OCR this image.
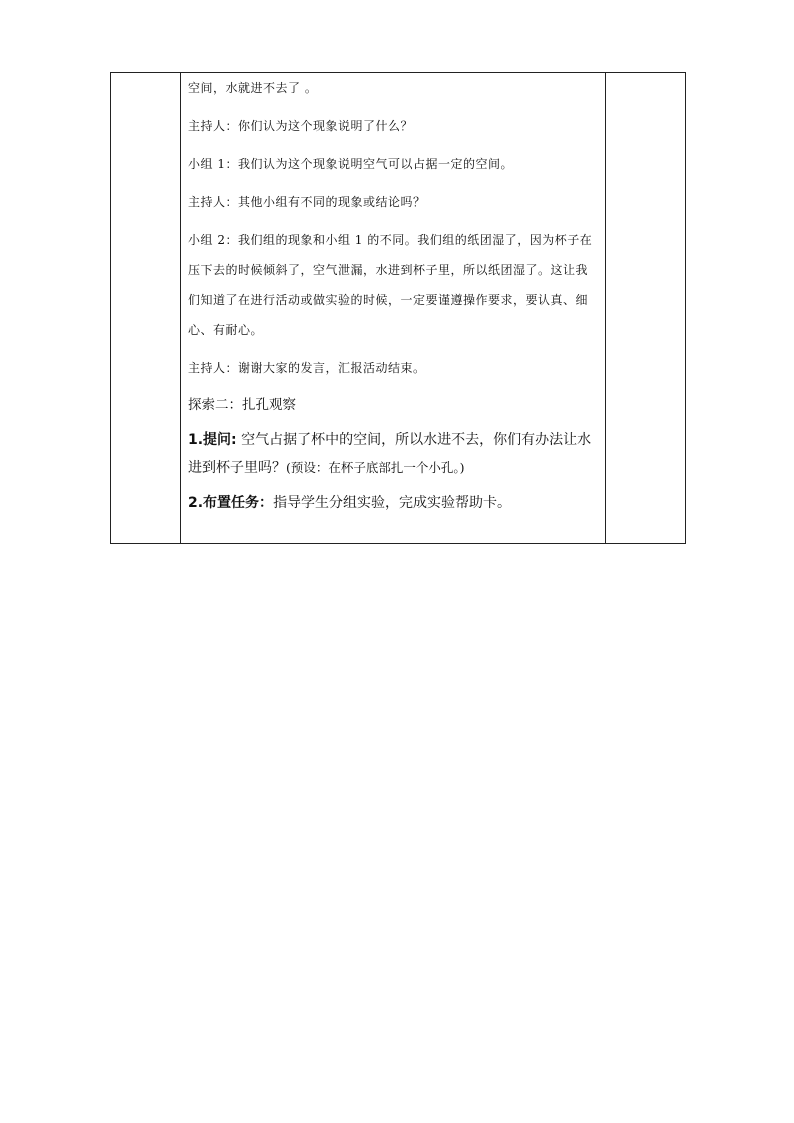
空间，水就进不去了 。

主持人：你们认为这个现象说明了什么？

小组 1：我们认为这个现象说明空气可以占据一定的空间。

主持人：其他小组有不同的现象或结论吗？

小组 2：我们组的现象和小组 1 的不同。我们组的纸团湿了，因为杯子在压下去的时候倾斜了，空气泄漏，水进到杯子里，所以纸团湿了。这让我们知道了在进行活动或做实验的时候，一定要谨遵操作要求，要认真、细心、有耐心。

主持人：谢谢大家的发言，汇报活动结束。

探索二：扎孔观察

1.提问: 空气占据了杯中的空间，所以水进不去，你们有办法让水进到杯子里吗？(预设：在杯子底部扎一个小孔。)

2.布置任务：指导学生分组实验，完成实验帮助卡。
